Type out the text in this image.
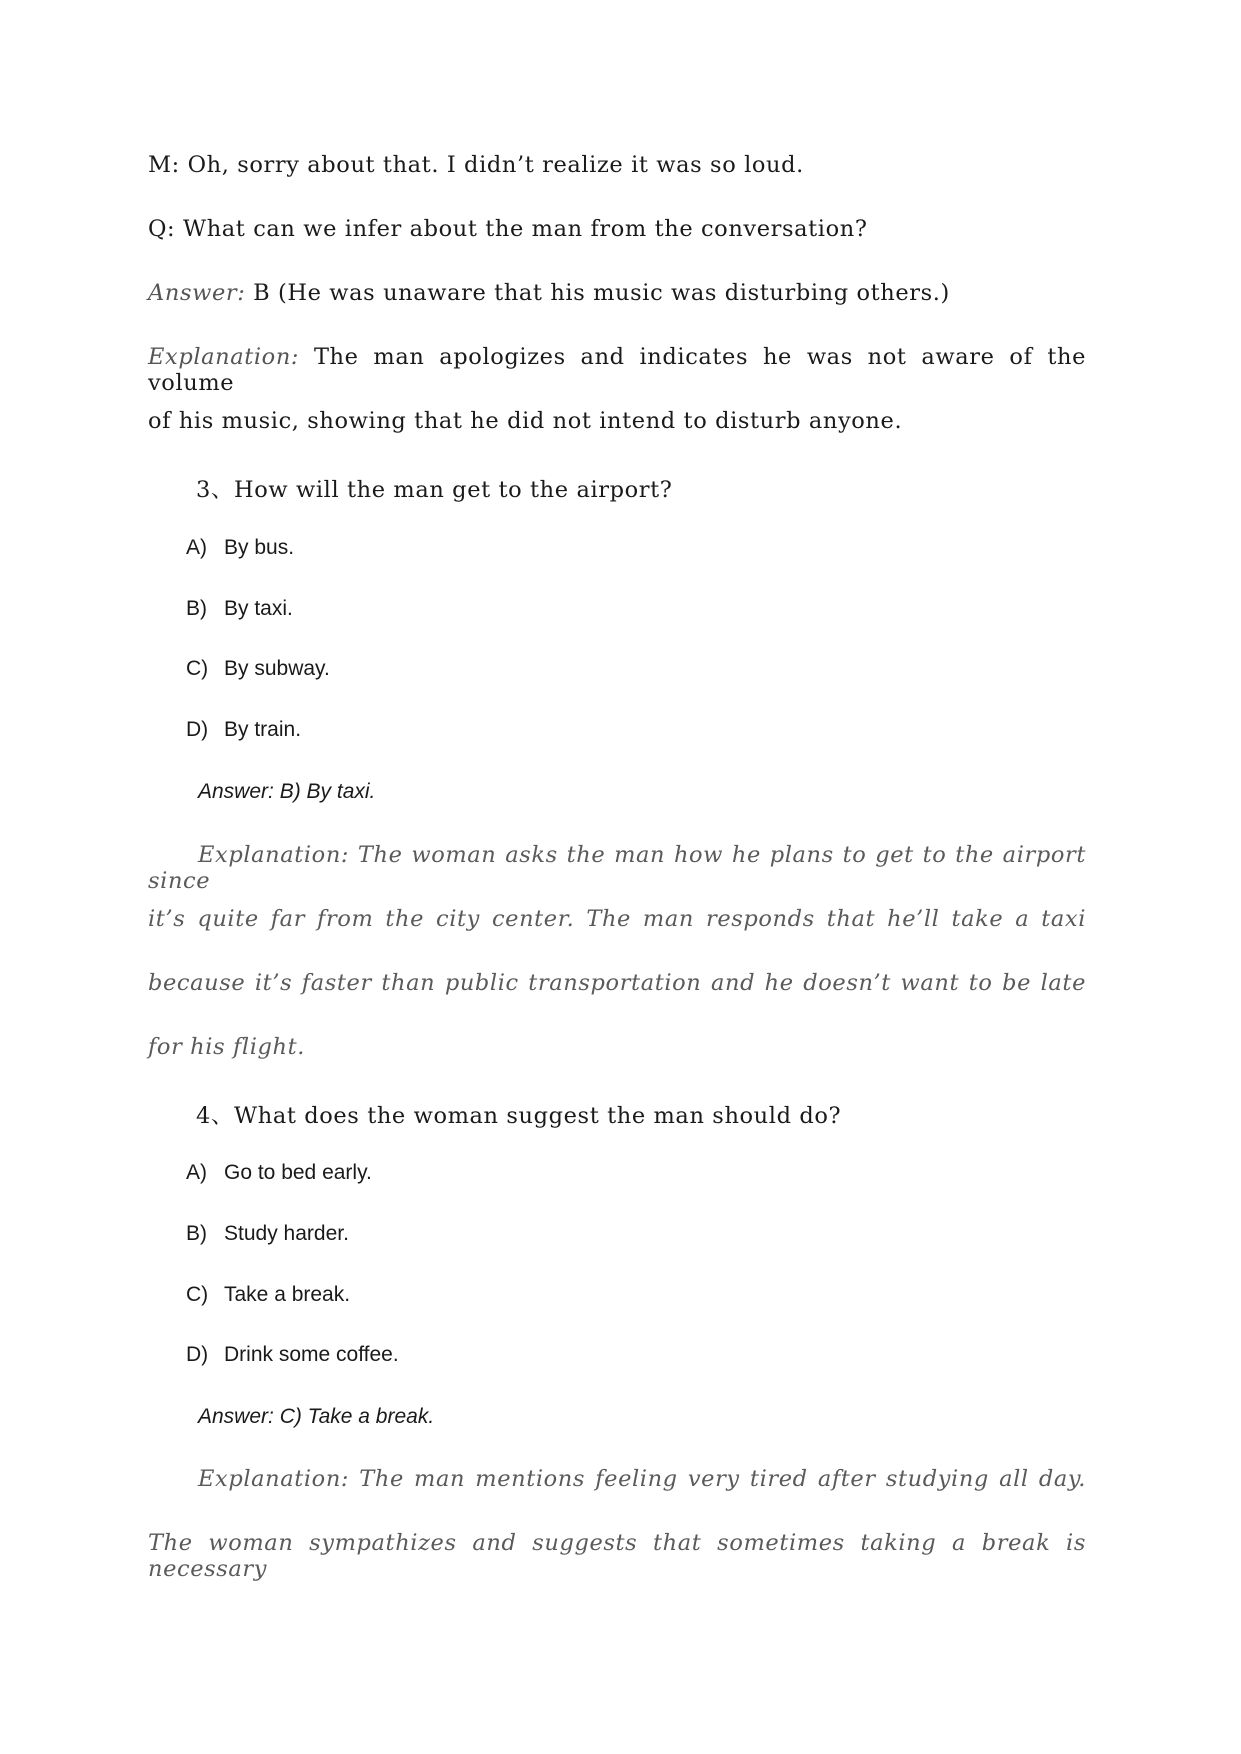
M: Oh, sorry about that. I didn’t realize it was so loud.
Q: What can we infer about the man from the conversation?
Answer: B (He was unaware that his music was disturbing others.)
Explanation: The man apologizes and indicates he was not aware of the volume
of his music, showing that he did not intend to disturb anyone.
3、How will the man get to the airport?
A) By bus.
B) By taxi.
C) By subway.
D) By train.
Answer: B) By taxi.
Explanation: The woman asks the man how he plans to get to the airport since
it’s quite far from the city center. The man responds that he’ll take a taxi
because it’s faster than public transportation and he doesn’t want to be late
for his flight.
4、What does the woman suggest the man should do?
A) Go to bed early.
B) Study harder.
C) Take a break.
D) Drink some coffee.
Answer: C) Take a break.
Explanation: The man mentions feeling very tired after studying all day.
The woman sympathizes and suggests that sometimes taking a break is necessary
